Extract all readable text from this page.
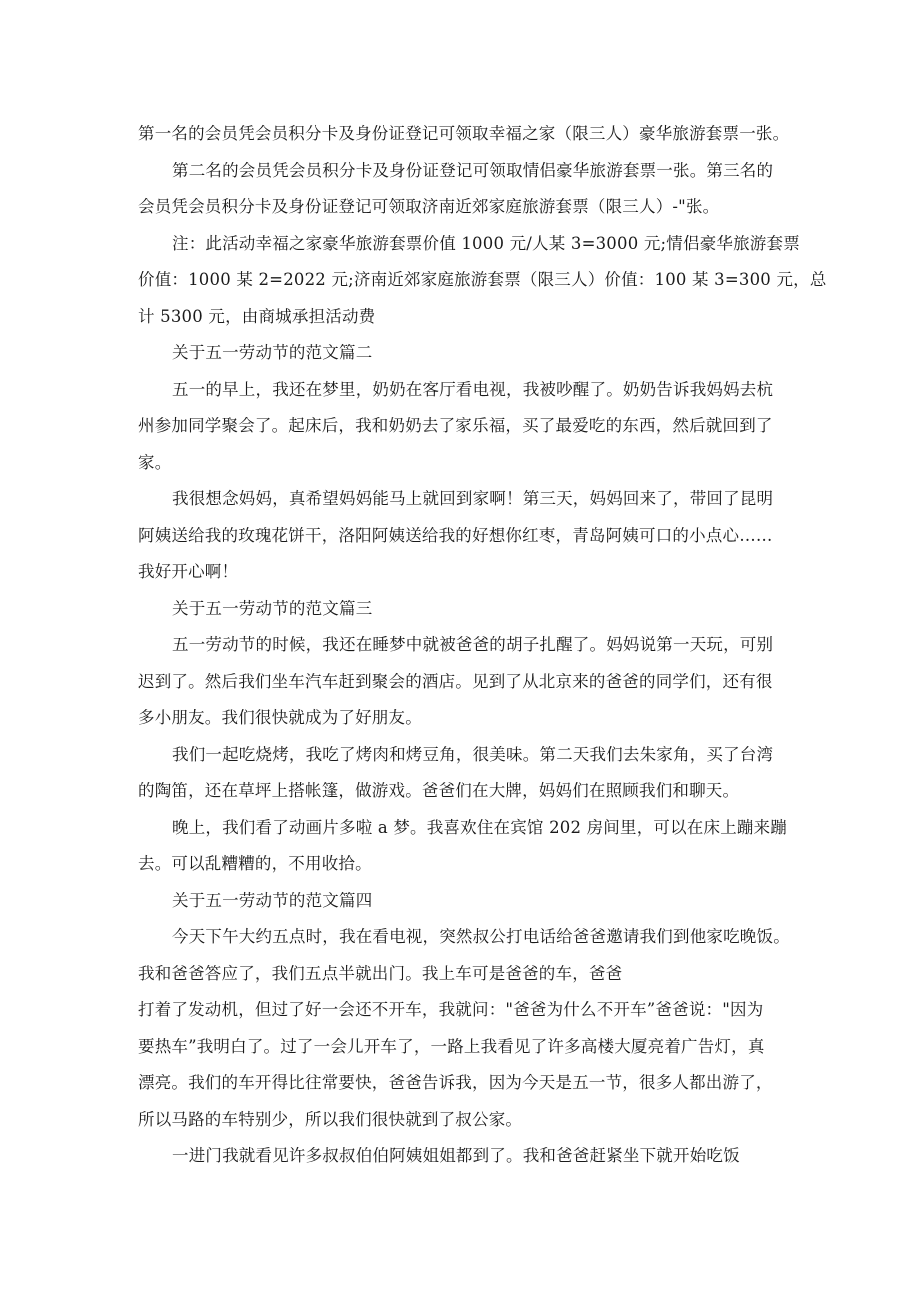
第一名的会员凭会员积分卡及身份证登记可领取幸福之家（限三人）豪华旅游套票一张。
第二名的会员凭会员积分卡及身份证登记可领取情侣豪华旅游套票一张。第三名的
会员凭会员积分卡及身份证登记可领取济南近郊家庭旅游套票（限三人）-"张。
注：此活动幸福之家豪华旅游套票价值 1000 元/人某 3=3000 元;情侣豪华旅游套票
价值：1000 某 2=2022 元;济南近郊家庭旅游套票（限三人）价值：100 某 3=300 元，总
计 5300 元，由商城承担活动费
关于五一劳动节的范文篇二
五一的早上，我还在梦里，奶奶在客厅看电视，我被吵醒了。奶奶告诉我妈妈去杭
州参加同学聚会了。起床后，我和奶奶去了家乐福，买了最爱吃的东西，然后就回到了
家。
我很想念妈妈，真希望妈妈能马上就回到家啊！第三天，妈妈回来了，带回了昆明
阿姨送给我的玫瑰花饼干，洛阳阿姨送给我的好想你红枣，青岛阿姨可口的小点心……
我好开心啊！
关于五一劳动节的范文篇三
五一劳动节的时候，我还在睡梦中就被爸爸的胡子扎醒了。妈妈说第一天玩，可别
迟到了。然后我们坐车汽车赶到聚会的酒店。见到了从北京来的爸爸的同学们，还有很
多小朋友。我们很快就成为了好朋友。
我们一起吃烧烤，我吃了烤肉和烤豆角，很美味。第二天我们去朱家角，买了台湾
的陶笛，还在草坪上搭帐篷，做游戏。爸爸们在大牌，妈妈们在照顾我们和聊天。
晚上，我们看了动画片多啦 a 梦。我喜欢住在宾馆 202 房间里，可以在床上蹦来蹦
去。可以乱糟糟的，不用收拾。
关于五一劳动节的范文篇四
今天下午大约五点时，我在看电视，突然叔公打电话给爸爸邀请我们到他家吃晚饭。
我和爸爸答应了，我们五点半就出门。我上车可是爸爸的车，爸爸
打着了发动机，但过了好一会还不开车，我就问："爸爸为什么不开车”爸爸说："因为
要热车”我明白了。过了一会儿开车了，一路上我看见了许多高楼大厦亮着广告灯，真
漂亮。我们的车开得比往常要快，爸爸告诉我，因为今天是五一节，很多人都出游了，
所以马路的车特别少，所以我们很快就到了叔公家。
一进门我就看见许多叔叔伯伯阿姨姐姐都到了。我和爸爸赶紧坐下就开始吃饭
